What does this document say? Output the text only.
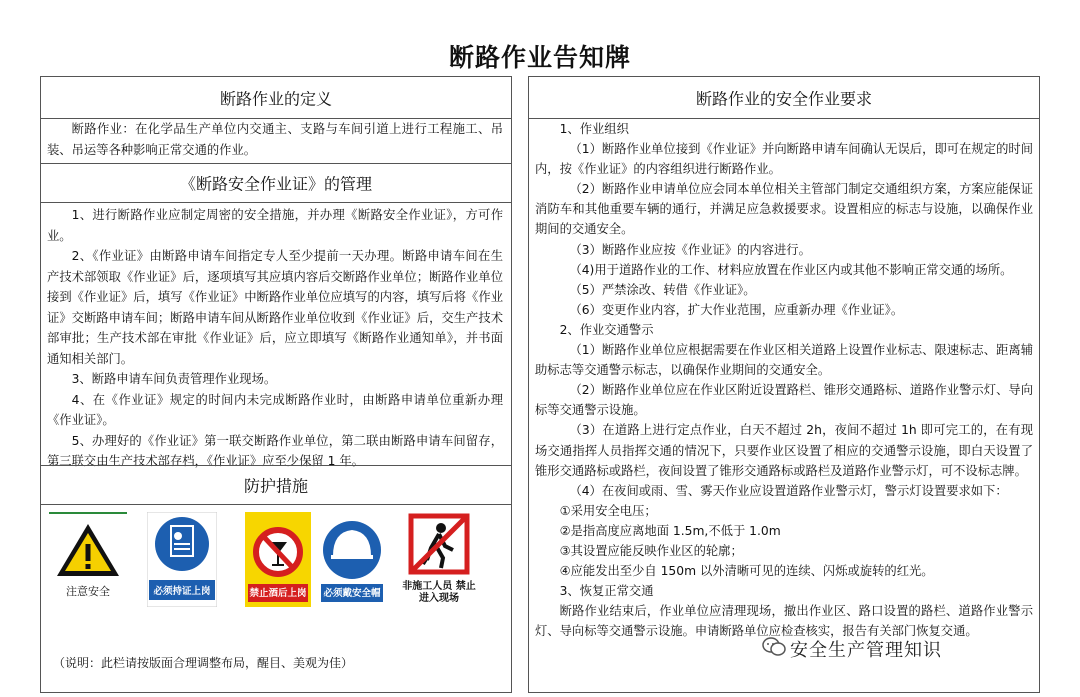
断路作业告知牌
断路作业的定义

断路作业：在化学品生产单位内交通主、支路与车间引道上进行工程施工、吊装、吊运等各种影响正常交通的作业。

《断路安全作业证》的管理

1、进行断路作业应制定周密的安全措施，并办理《断路安全作业证》，方可作业。

2、《作业证》由断路申请车间指定专人至少提前一天办理。断路申请车间在生产技术部领取《作业证》后，逐项填写其应填内容后交断路作业单位；断路作业单位接到《作业证》后，填写《作业证》中断路作业单位应填写的内容，填写后将《作业证》交断路申请车间；断路申请车间从断路作业单位收到《作业证》后，交生产技术部审批；生产技术部在审批《作业证》后，应立即填写《断路作业通知单》，并书面通知相关部门。

3、断路申请车间负责管理作业现场。

4、在《作业证》规定的时间内未完成断路作业时，由断路申请单位重新办理《作业证》。

5、办理好的《作业证》第一联交断路作业单位，第二联由断路申请车间留存，第三联交由生产技术部存档，《作业证》应至少保留 1 年。

防护措施
注意安全	必须持证上岗	禁止酒后上岗	必须戴安全帽
非施工人员 禁止进入现场
（说明：此栏请按版面合理调整布局，醒目、美观为佳）
断路作业的安全作业要求

1、作业组织

（1）断路作业单位接到《作业证》并向断路申请车间确认无误后，即可在规定的时间内，按《作业证》的内容组织进行断路作业。

（2）断路作业申请单位应会同本单位相关主管部门制定交通组织方案，方案应能保证消防车和其他重要车辆的通行，并满足应急救援要求。设置相应的标志与设施，以确保作业期间的交通安全。

（3）断路作业应按《作业证》的内容进行。

（4)用于道路作业的工作、材料应放置在作业区内或其他不影响正常交通的场所。

（5）严禁涂改、转借《作业证》。

（6）变更作业内容，扩大作业范围，应重新办理《作业证》。

2、作业交通警示

（1）断路作业单位应根据需要在作业区相关道路上设置作业标志、限速标志、距离辅助标志等交通警示标志，以确保作业期间的交通安全。

（2）断路作业单位应在作业区附近设置路栏、锥形交通路标、道路作业警示灯、导向标等交通警示设施。

（3）在道路上进行定点作业，白天不超过 2h，夜间不超过 1h 即可完工的，在有现场交通指挥人员指挥交通的情况下，只要作业区设置了相应的交通警示设施，即白天设置了锥形交通路标或路栏，夜间设置了锥形交通路标或路栏及道路作业警示灯，可不设标志牌。

（4）在夜间或雨、雪、雾天作业应设置道路作业警示灯，警示灯设置要求如下：

①采用安全电压；

②是指高度应离地面 1.5m,不低于 1.0m

③其设置应能反映作业区的轮廓；

④应能发出至少自 150m 以外清晰可见的连续、闪烁或旋转的红光。

3、恢复正常交通

断路作业结束后，作业单位应清理现场，撤出作业区、路口设置的路栏、道路作业警示灯、导向标等交通警示设施。申请断路单位应检查核实，报告有关部门恢复交通。

安全生产管理知识
